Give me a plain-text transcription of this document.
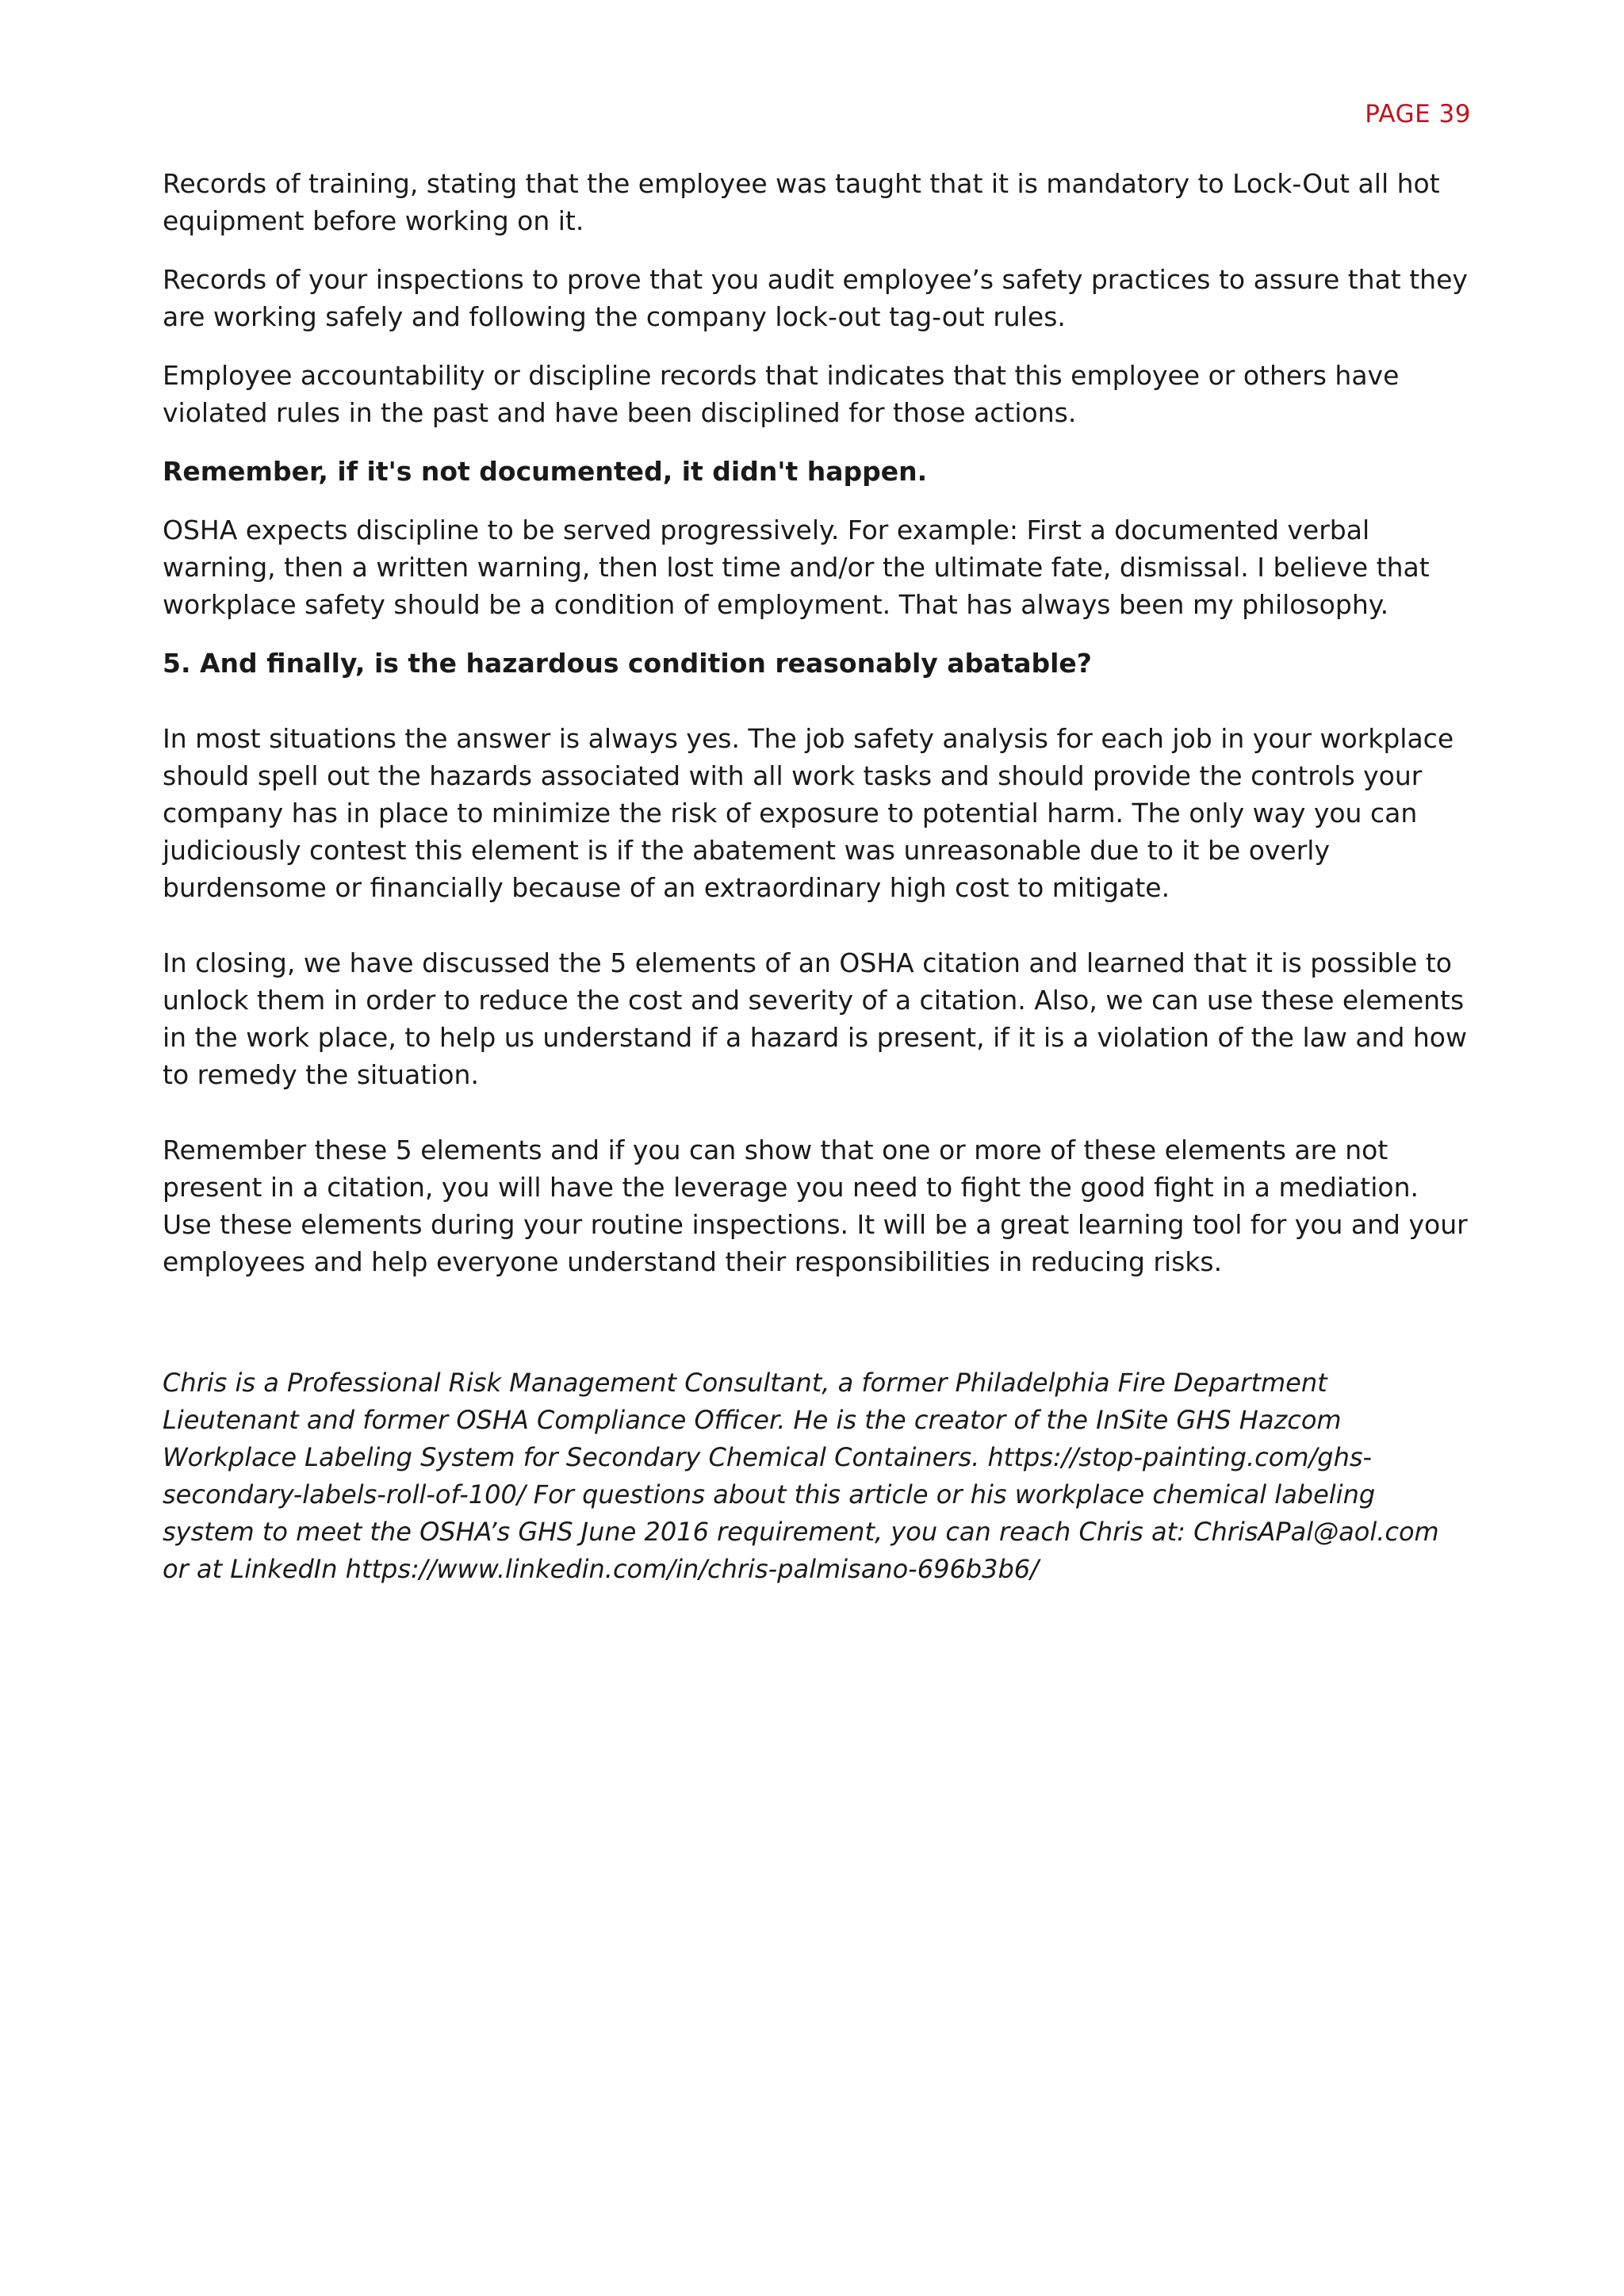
PAGE 39

Records of training, stating that the employee was taught that it is mandatory to Lock-Out all hot equipment before working on it.

Records of your inspections to prove that you audit employee’s safety practices to assure that they are working safely and following the company lock-out tag-out rules.

Employee accountability or discipline records that indicates that this employee or others have violated rules in the past and have been disciplined for those actions.

Remember, if it's not documented, it didn't happen.

OSHA expects discipline to be served progressively. For example: First a documented verbal warning, then a written warning, then lost time and/or the ultimate fate, dismissal. I believe that workplace safety should be a condition of employment. That has always been my philosophy.

5. And finally, is the hazardous condition reasonably abatable?

In most situations the answer is always yes. The job safety analysis for each job in your workplace should spell out the hazards associated with all work tasks and should provide the controls your company has in place to minimize the risk of exposure to potential harm. The only way you can judiciously contest this element is if the abatement was unreasonable due to it be overly burdensome or financially because of an extraordinary high cost to mitigate.

In closing, we have discussed the 5 elements of an OSHA citation and learned that it is possible to unlock them in order to reduce the cost and severity of a citation. Also, we can use these elements in the work place, to help us understand if a hazard is present, if it is a violation of the law and how to remedy the situation.

Remember these 5 elements and if you can show that one or more of these elements are not present in a citation, you will have the leverage you need to fight the good fight in a mediation. Use these elements during your routine inspections. It will be a great learning tool for you and your employees and help everyone understand their responsibilities in reducing risks.

Chris is a Professional Risk Management Consultant, a former Philadelphia Fire Department Lieutenant and former OSHA Compliance Officer. He is the creator of the InSite GHS Hazcom Workplace Labeling System for Secondary Chemical Containers. https://stop-painting.com/ghs-secondary-labels-roll-of-100/ For questions about this article or his workplace chemical labeling system to meet the OSHA’s GHS June 2016 requirement, you can reach Chris at: ChrisAPal@aol.com or at LinkedIn https://www.linkedin.com/in/chris-palmisano-696b3b6/
